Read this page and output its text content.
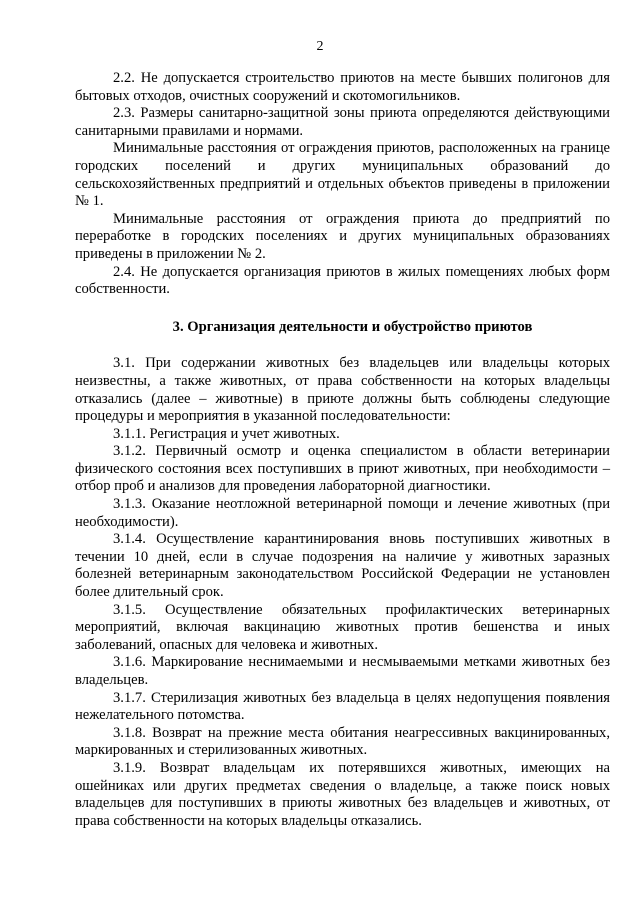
2

2.2. Не допускается строительство приютов на месте бывших полигонов для бытовых отходов, очистных сооружений и скотомогильников.

2.3. Размеры санитарно-защитной зоны приюта определяются действующими санитарными правилами и нормами.

Минимальные расстояния от ограждения приютов, расположенных на границе городских поселений и других муниципальных образований до сельскохозяйственных предприятий и отдельных объектов приведены в приложении № 1.

Минимальные расстояния от ограждения приюта до предприятий по переработке в городских поселениях и других муниципальных образованиях приведены в приложении № 2.

2.4. Не допускается организация приютов в жилых помещениях любых форм собственности.

3. Организация деятельности и обустройство приютов

3.1. При содержании животных без владельцев или владельцы которых неизвестны, а также животных, от права собственности на которых владельцы отказались (далее – животные) в приюте должны быть соблюдены следующие процедуры и мероприятия в указанной последовательности:

3.1.1. Регистрация и учет животных.

3.1.2. Первичный осмотр и оценка специалистом в области ветеринарии физического состояния всех поступивших в приют животных, при необходимости – отбор проб и анализов для проведения лабораторной диагностики.

3.1.3. Оказание неотложной ветеринарной помощи и лечение животных (при необходимости).

3.1.4. Осуществление карантинирования вновь поступивших животных в течении 10 дней, если в случае подозрения на наличие у животных заразных болезней ветеринарным законодательством Российской Федерации не установлен более длительный срок.

3.1.5. Осуществление обязательных профилактических ветеринарных мероприятий, включая вакцинацию животных против бешенства и иных заболеваний, опасных для человека и животных.

3.1.6. Маркирование неснимаемыми и несмываемыми метками животных без владельцев.

3.1.7. Стерилизация животных без владельца в целях недопущения появления нежелательного потомства.

3.1.8. Возврат на прежние места обитания неагрессивных вакцинированных, маркированных и стерилизованных животных.

3.1.9. Возврат владельцам их потерявшихся животных, имеющих на ошейниках или других предметах сведения о владельце, а также поиск новых владельцев для поступивших в приюты животных без владельцев и животных, от права собственности на которых владельцы отказались.
